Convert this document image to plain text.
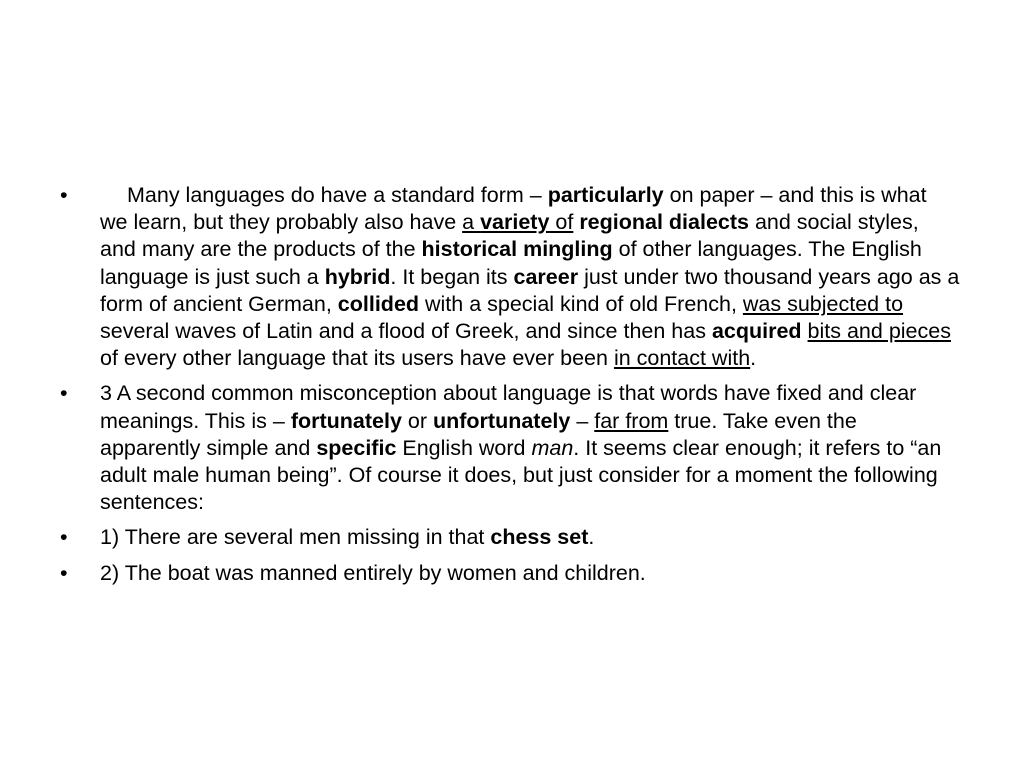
•	Many languages do have a standard form – particularly on paper – and this is what we learn, but they probably also have a variety of regional dialects and social styles, and many are the products of the historical mingling of other languages. The English language is just such a hybrid. It began its career just under two thousand years ago as a form of ancient German, collided with a special kind of old French, was subjected to several waves of Latin and a flood of Greek, and since then has acquired bits and pieces of every other language that its users have ever been in contact with.
•	3 A second common misconception about language is that words have fixed and clear meanings. This is – fortunately or unfortunately – far from true. Take even the apparently simple and specific English word man. It seems clear enough; it refers to “an adult male human being”. Of course it does, but just consider for a moment the following sentences:
•	1) There are several men missing in that chess set.
•	2) The boat was manned entirely by women and children.
